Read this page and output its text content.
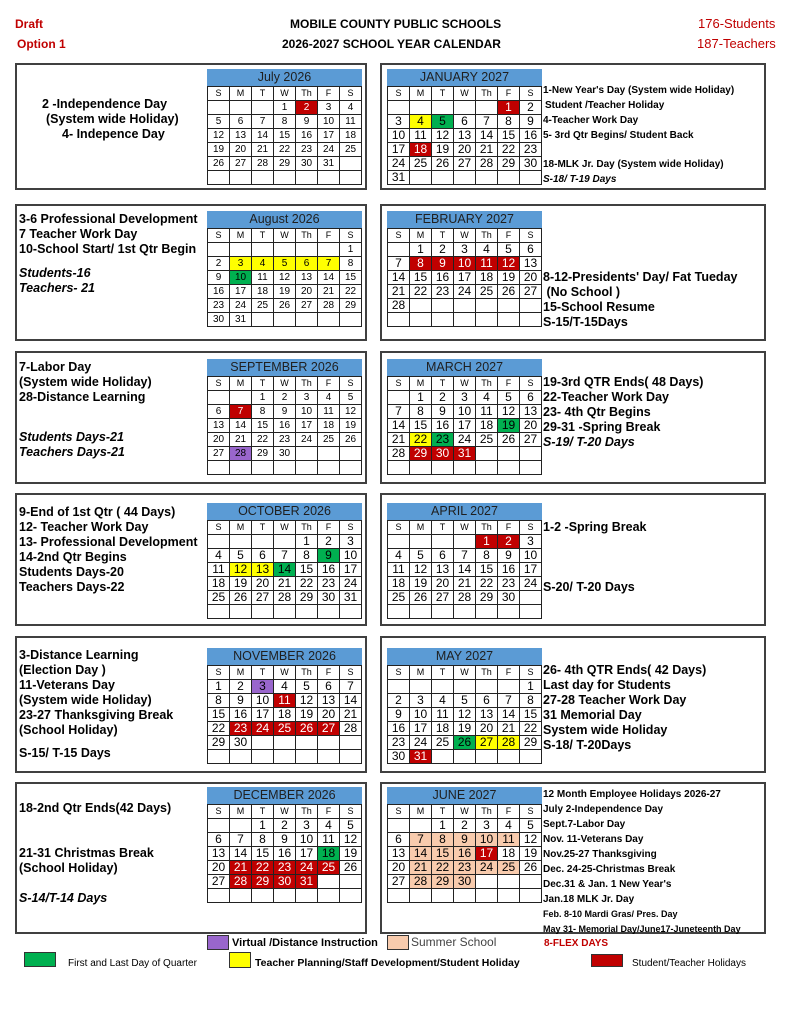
Draft
Option 1
MOBILE COUNTY PUBLIC SCHOOLS
2026-2027 SCHOOL YEAR CALENDAR
176-Students
187-Teachers
July 2026
S	M	T	W	Th	F	S
			1	2	3	4
5	6	7	8	9	10	11
12	13	14	15	16	17	18
19	20	21	22	23	24	25
26	27	28	29	30	31	

August 2026
S	M	T	W	Th	F	S
						1
2	3	4	5	6	7	8
9	10	11	12	13	14	15
16	17	18	19	20	21	22
23	24	25	26	27	28	29
30	31					
SEPTEMBER 2026
S	M	T	W	Th	F	S
		1	2	3	4	5
6	7	8	9	10	11	12
13	14	15	16	17	18	19
20	21	22	23	24	25	26
27	28	29	30			

OCTOBER 2026
S	M	T	W	Th	F	S
				1	2	3
4	5	6	7	8	9	10
11	12	13	14	15	16	17
18	19	20	21	22	23	24
25	26	27	28	29	30	31

NOVEMBER 2026
S	M	T	W	Th	F	S
1	2	3	4	5	6	7
8	9	10	11	12	13	14
15	16	17	18	19	20	21
22	23	24	25	26	27	28
29	30					

DECEMBER 2026
S	M	T	W	Th	F	S
		1	2	3	4	5
6	7	8	9	10	11	12
13	14	15	16	17	18	19
20	21	22	23	24	25	26
27	28	29	30	31		

JANUARY 2027
S	M	T	W	Th	F	S
					1	2
3	4	5	6	7	8	9
10	11	12	13	14	15	16
17	18	19	20	21	22	23
24	25	26	27	28	29	30
31						
FEBRUARY 2027
S	M	T	W	Th	F	S
	1	2	3	4	5	6
7	8	9	10	11	12	13
14	15	16	17	18	19	20
21	22	23	24	25	26	27
28						

MARCH 2027
S	M	T	W	Th	F	S
	1	2	3	4	5	6
7	8	9	10	11	12	13
14	15	16	17	18	19	20
21	22	23	24	25	26	27
28	29	30	31			

APRIL 2027
S	M	T	W	Th	F	S
				1	2	3
4	5	6	7	8	9	10
11	12	13	14	15	16	17
18	19	20	21	22	23	24
25	26	27	28	29	30	

MAY 2027
S	M	T	W	Th	F	S
						1
2	3	4	5	6	7	8
9	10	11	12	13	14	15
16	17	18	19	20	21	22
23	24	25	26	27	28	29
30	31					
JUNE 2027
S	M	T	W	Th	F	S
		1	2	3	4	5
6	7	8	9	10	11	12
13	14	15	16	17	18	19
20	21	22	23	24	25	26
27	28	29	30			

2 -Independence Day
(System wide Holiday)
4- Indepence Day
3-6 Professional Development
7 Teacher Work Day
10-School Start/ 1st Qtr Begin
Students-16
Teachers- 21
7-Labor Day
(System wide Holiday)
28-Distance Learning
Students Days-21
Teachers Days-21
9-End of 1st Qtr ( 44 Days)
12- Teacher Work Day
13- Professional Development
14-2nd Qtr Begins
Students Days-20
Teachers Days-22
3-Distance Learning
(Election Day )
11-Veterans Day
(System wide Holiday)
23-27 Thanksgiving Break
(School Holiday)
S-15/ T-15 Days
18-2nd Qtr Ends(42 Days)
21-31 Christmas Break
(School Holiday)
S-14/T-14 Days
1-New Year's Day (System wide Holiday)
Student /Teacher Holiday
4-Teacher Work Day
5- 3rd Qtr Begins/ Student Back
18-MLK Jr. Day (System wide Holiday)
S-18/ T-19 Days
8-12-Presidents' Day/ Fat Tueday
(No School )
15-School Resume
S-15/T-15Days
19-3rd QTR Ends( 48 Days)
22-Teacher Work Day
23- 4th Qtr Begins
29-31 -Spring Break
S-19/ T-20 Days
1-2 -Spring Break
S-20/ T-20 Days
26- 4th QTR Ends( 42 Days)
Last day for Students
27-28 Teacher Work Day
31 Memorial Day
System wide Holiday
S-18/ T-20Days
12 Month Employee Holidays 2026-27
July 2-Independence Day
Sept.7-Labor Day
Nov. 11-Veterans Day
Nov.25-27 Thanksgiving
Dec. 24-25-Christmas Break
Dec.31 & Jan. 1 New Year's
Jan.18 MLK Jr. Day
Feb. 8-10 Mardi Gras/ Pres. Day
May 31- Memorial Day/June17-Juneteenth Day
Virtual /Distance Instruction	Summer School	8-FLEX DAYS
First and Last Day of Quarter	Teacher Planning/Staff Development/Student Holiday	Student/Teacher Holidays
